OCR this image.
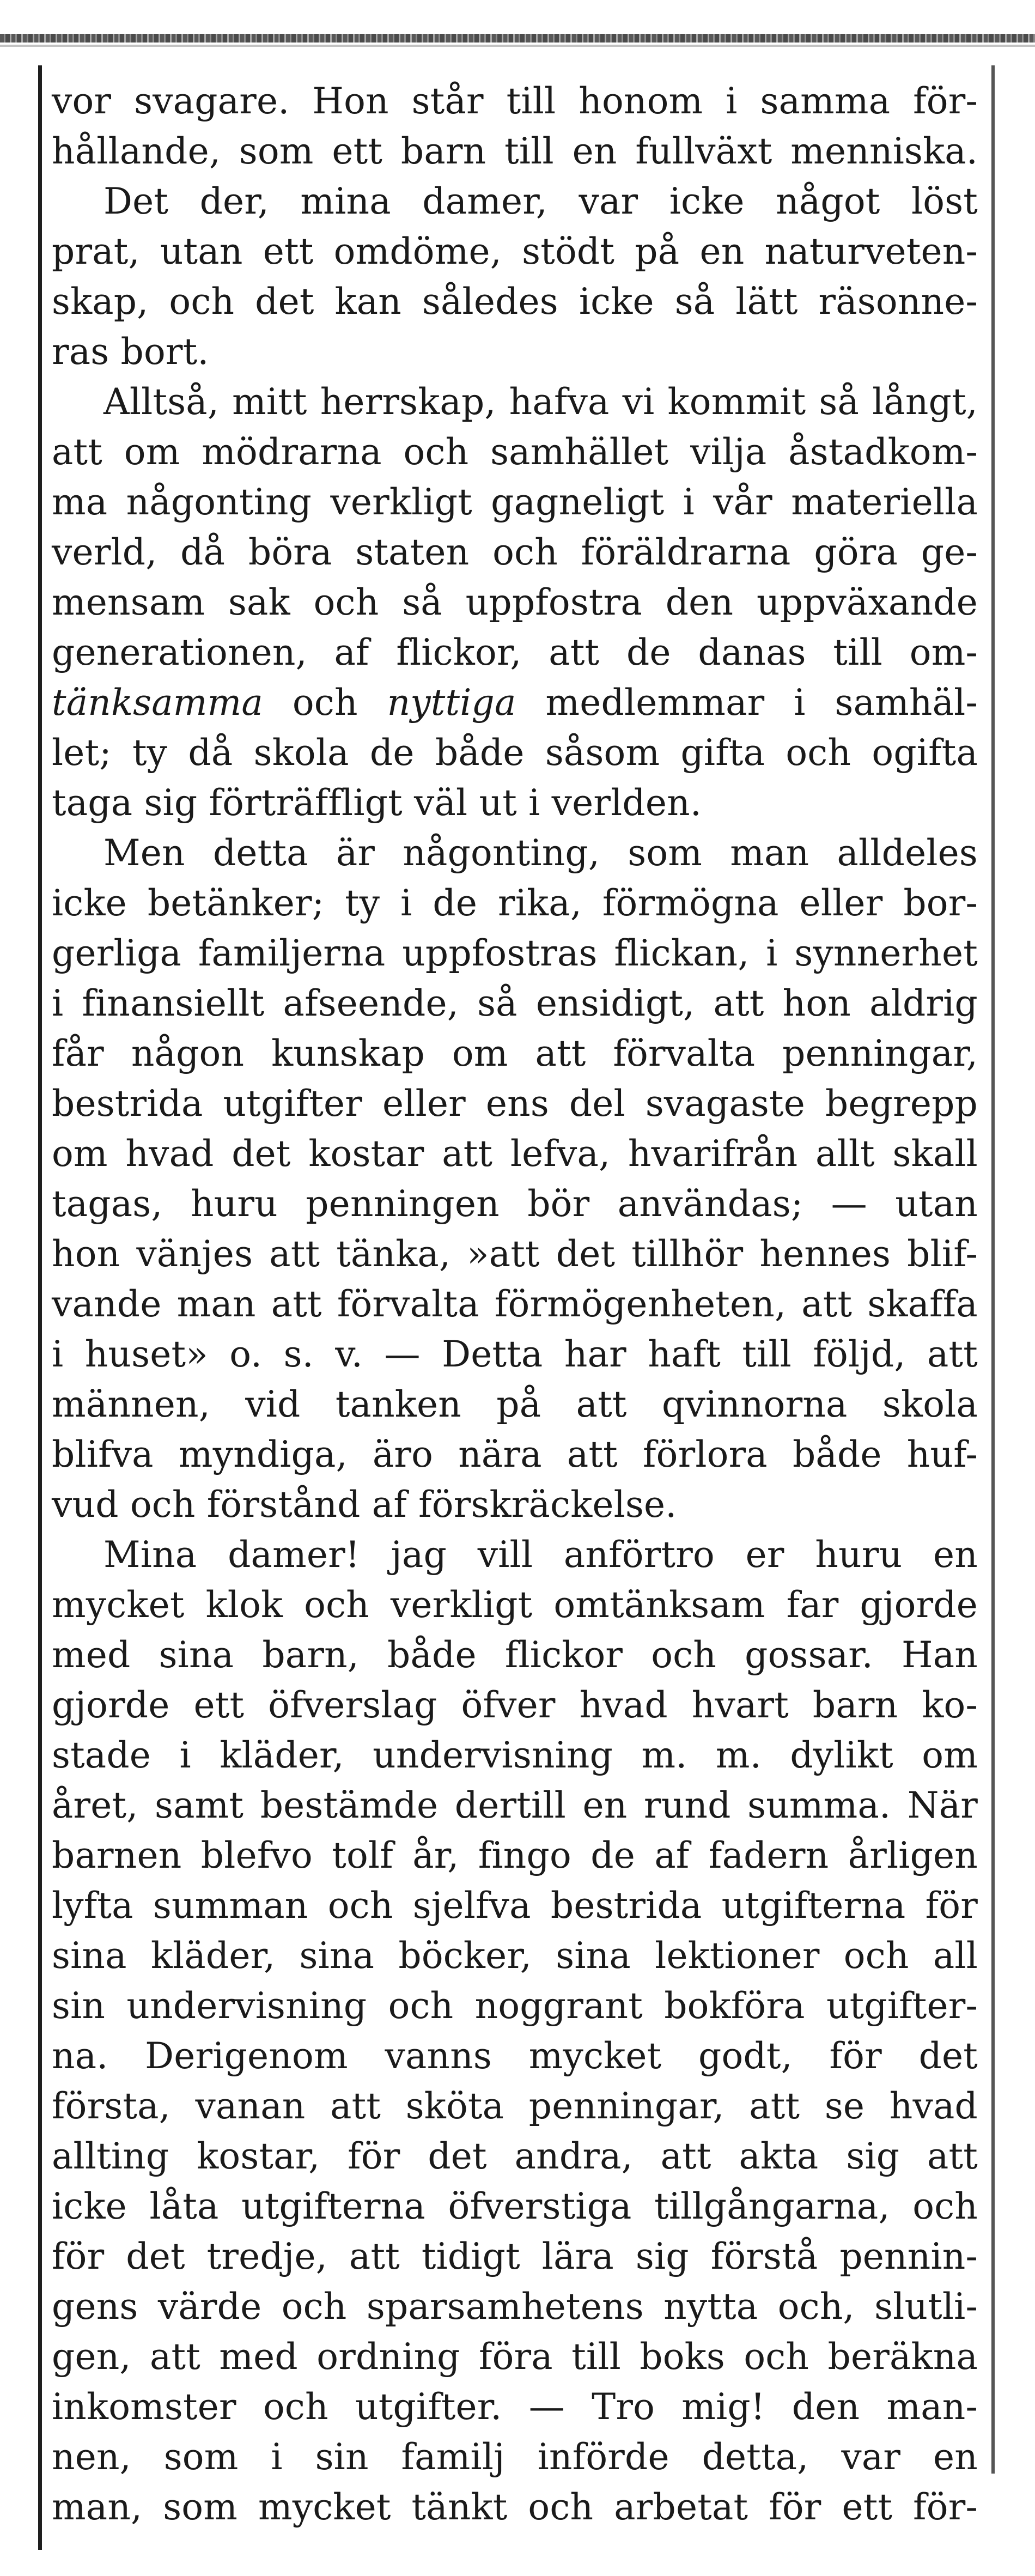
vor svagare. Hon står till honom i samma för-
hållande, som ett barn till en fullväxt menniska.
Det der, mina damer, var icke något löst
prat, utan ett omdöme, stödt på en naturveten-
skap, och det kan således icke så lätt räsonne-
ras bort.
Alltså, mitt herrskap, hafva vi kommit så långt,
att om mödrarna och samhället vilja åstadkom-
ma någonting verkligt gagneligt i vår materiella
verld, då böra staten och föräldrarna göra ge-
mensam sak och så uppfostra den uppväxande
generationen, af flickor, att de danas till om-
tänksamma och nyttiga medlemmar i samhäl-
let; ty då skola de både såsom gifta och ogifta
taga sig förträffligt väl ut i verlden.
Men detta är någonting, som man alldeles
icke betänker; ty i de rika, förmögna eller bor-
gerliga familjerna uppfostras flickan, i synnerhet
i finansiellt afseende, så ensidigt, att hon aldrig
får någon kunskap om att förvalta penningar,
bestrida utgifter eller ens del svagaste begrepp
om hvad det kostar att lefva, hvarifrån allt skall
tagas, huru penningen bör användas; — utan
hon vänjes att tänka, »att det tillhör hennes blif-
vande man att förvalta förmögenheten, att skaffa
i huset» o. s. v. — Detta har haft till följd, att
männen, vid tanken på att qvinnorna skola
blifva myndiga, äro nära att förlora både huf-
vud och förstånd af förskräckelse.
Mina damer! jag vill anförtro er huru en
mycket klok och verkligt omtänksam far gjorde
med sina barn, både flickor och gossar. Han
gjorde ett öfverslag öfver hvad hvart barn ko-
stade i kläder, undervisning m. m. dylikt om
året, samt bestämde dertill en rund summa. När
barnen blefvo tolf år, fingo de af fadern årligen
lyfta summan och sjelfva bestrida utgifterna för
sina kläder, sina böcker, sina lektioner och all
sin undervisning och noggrant bokföra utgifter-
na. Derigenom vanns mycket godt, för det
första, vanan att sköta penningar, att se hvad
allting kostar, för det andra, att akta sig att
icke låta utgifterna öfverstiga tillgångarna, och
för det tredje, att tidigt lära sig förstå pennin-
gens värde och sparsamhetens nytta och, slutli-
gen, att med ordning föra till boks och beräkna
inkomster och utgifter. — Tro mig! den man-
nen, som i sin familj införde detta, var en
man, som mycket tänkt och arbetat för ett för-
